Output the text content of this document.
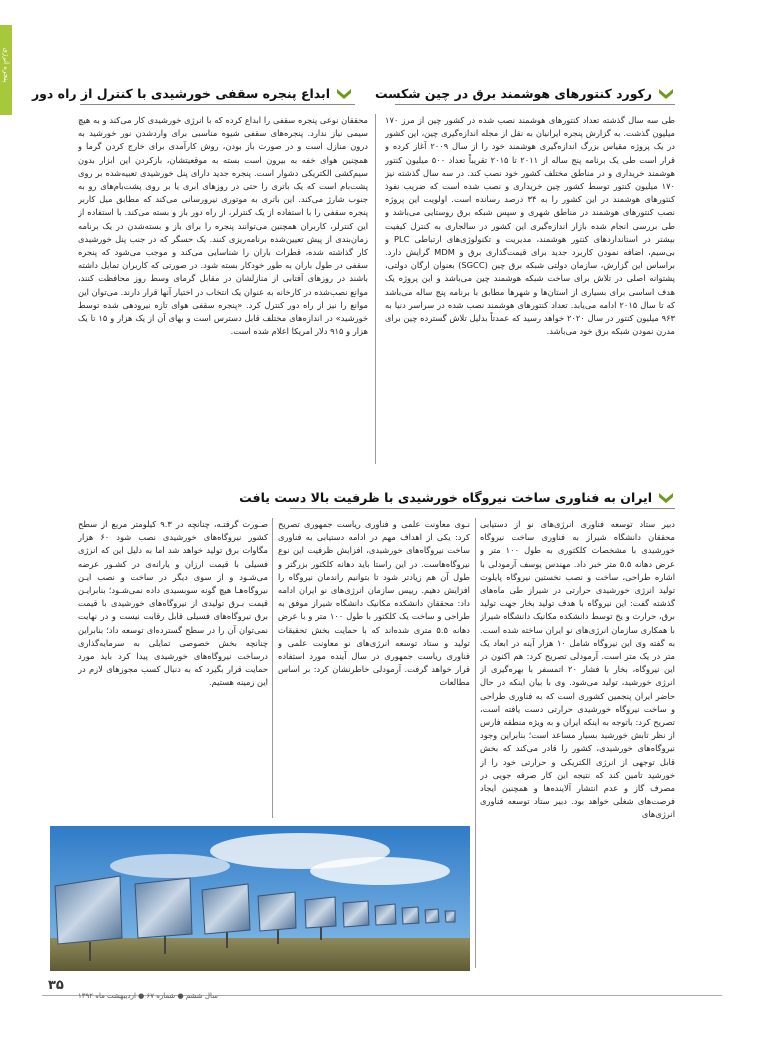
پنجره انرژی
رکورد کنتورهای هوشمند برق در چین شکست
ابداع پنجره سقفی خورشیدی با کنترل از راه دور

طی سه سال گذشته تعداد کنتورهای هوشمند نصب شده در کشور چین از مرز ۱۷۰ میلیون گذشت. به گزارش پنجره ایرانیان به نقل از مجله اندازه‌گیری چین، این کشور در یک پروژه مقیاس بزرگ اندازه‌گیری هوشمند خود را از سال ۲۰۰۹ آغاز کرده و قرار است طی یک برنامه پنج ساله از ۲۰۱۱ تا ۲۰۱۵ تقریباً تعداد ۵۰۰ میلیون کنتور هوشمند خریداری و در مناطق مختلف کشور خود نصب کند. در سه سال گذشته نیز ۱۷۰ میلیون کنتور توسط کشور چین خریداری و نصب شده است که ضریب نفوذ کنتورهای هوشمند در این کشور را به ۳۴ درصد رسانده است. اولویت این پروژه نصب کنتورهای هوشمند در مناطق شهری و سپس شبکه برق روستایی می‌باشد و طی بررسی انجام شده بازار اندازه‌گیری این کشور در سالجاری به کنترل کیفیت بیشتر در استانداردهای کنتور هوشمند، مدیریت و تکنولوژی‌های ارتباطی PLC و بی‌سیم، اضافه نمودن کاربرد جدید برای قیمت‌گذاری برق و MDM گرایش دارد. براساس این گزارش، سازمان دولتی شبکه برق چین (SGCC) بعنوان ارگان دولتی، پشتوانه اصلی در تلاش برای ساخت شبکه هوشمند چین می‌باشد و این پروژه یک هدف اساسی برای بسیاری از استان‌ها و شهرها مطابق با برنامه پنج ساله می‌باشد که تا سال ۲۰۱۵ ادامه می‌یابد. تعداد کنتورهای هوشمند نصب شده در سراسر دنیا به ۹۶۳ میلیون کنتور در سال ۲۰۲۰ خواهد رسید که عمدتاً بدلیل تلاش گسترده چین برای مدرن نمودن شبکه برق خود می‌باشد.

محققان نوعی پنجره سقفی را ابداع کرده که با انرژی خورشیدی کار می‌کند و به هیچ سیمی نیاز ندارد. پنجره‌های سقفی شیوه مناسبی برای واردشدن نور خورشید به درون منازل است و در صورت باز بودن، روش کارآمدی برای خارج کردن گرما و همچنین هوای خفه به بیرون است بسته به موقعیتشان، بازکردن این ابزار بدون سیم‌کشی الکتریکی دشوار است. پنجره جدید دارای پنل خورشیدی تعبیه‌شده بر روی پشت‌بام است که یک باتری را حتی در روزهای ابری یا بر روی پشت‌بام‌های رو به جنوب شارژ می‌کند. این باتری به موتوری نیرورسانی می‌کند که مطابق میل کاربر پنجره سقفی را با استفاده از یک کنترلر، از راه دور باز و بسته می‌کند. با استفاده از این کنترلر، کاربران همچنین می‌توانند پنجره را برای باز و بسته‌شدن در یک برنامه زمان‌بندی از پیش تعیین‌شده برنامه‌ریزی کنند. یک حسگر که در جنب پنل خورشیدی کار گذاشته شده، قطرات باران را شناسایی می‌کند و موجب می‌شود که پنجره سقفی در طول باران به طور خودکار بسته شود. در صورتی که کاربران تمایل داشته باشند در روزهای آفتابی از منازلشان در مقابل گرمای وسط روز محافظت کنند، موانع نصب‌شده در کارخانه به عنوان یک انتخاب در اختیار آنها قرار دارند. می‌توان این موانع را نیز از راه دور کنترل کرد. «پنجره سقفی هوای تازه نیرودهی شده توسط خورشید» در اندازه‌های مختلف قابل دسترس است و بهای آن از یک هزار و ۱۵ تا یک هزار و ۹۱۵ دلار امریکا اعلام شده است.

ایران به فناوری ساخت نیروگاه خورشیدی با ظرفیت بالا دست یافت

دبیر ستاد توسعه فناوری انرژی‌های نو از دستیابی محققان دانشگاه شیراز به فناوری ساخت نیروگاه خورشیدی با مشخصات کلکتوری به طول ۱۰۰ متر و عرض دهانه ۵.۵ متر خبر داد. مهندس یوسف آرمودلی با اشاره طراحی، ساخت و نصب نخستین نیروگاه پایلوت تولید انرژی خورشیدی حرارتی در شیراز طی ماه‌های گذشته گفت: این نیروگاه با هدف تولید بخار جهت تولید برق، حرارت و یخ توسط دانشکده مکانیک دانشگاه شیراز با همکاری سازمان انرژی‌های نو ایران ساخته شده است. به گفته وی این نیروگاه شامل ۱۰ هزار آینه در ابعاد یک متر در یک متر است. آرمودلی تصریح کرد: هم اکنون در این نیروگاه، بخار با فشار ۲۰ اتمسفر با بهره‌گیری از انرژی خورشید، تولید می‌شود. وی با بیان اینکه در حال حاضر ایران پنجمین کشوری است که به فناوری طراحی و ساخت نیروگاه خورشیدی حرارتی دست یافته است، تصریح کرد: باتوجه به اینکه ایران و به ویژه منطقه فارس از نظر تابش خورشید بسیار مساعد است؛ بنابراین وجود نیروگاه‌های خورشیدی، کشور را قادر می‌کند که بخش قابل توجهی از انرژی الکتریکی و حرارتی خود را از خورشید تامین کند که نتیجه این کار صرفه جویی در مصرف گاز و عدم انتشار آلاینده‌ها و همچنین ایجاد فرصت‌های شغلی خواهد بود. دبیر ستاد توسعه فناوری انرژی‌های

نـوی معاونت علمی و فناوری ریاست جمهوری تصریح کرد: یکی از اهداف مهم در ادامه دستیابی به فناوری ساخت نیروگاه‌های خورشیدی، افزایش ظرفیت این نوع نیروگاه‌هاست. در این راستا باید دهانه کلکتور بزرگتر و طول آن هم زیادتر شود تا بتوانیم راندمان نیروگاه را افزایش دهیم. رییس سازمان انرژی‌های نو ایران ادامه داد: محققان دانشکده مکانیک دانشگاه شیراز موفق به طراحی و ساخت یک کلکتور با طول ۱۰۰ متر و با عرض دهانه ۵.۵ متری شده‌اند که با حمایت بخش تحقیقات تولید و ستاد توسعه انرژی‌های نو معاونت علمی و فناوری ریاست جمهوری در سال آینده مورد استفاده قرار خواهد گرفت. آرمودلی خاطرنشان کرد: بر اساس مطالعات

صـورت گرفتـه، چنانچه در ۹.۳ کیلومتر مربع از سطح کشور نیروگاه‌های خورشیدی نصب شود ۶۰ هزار مگاوات برق تولید خواهد شد اما به دلیل این که انرژی فسیلی با قیمت ارزان و یارانه‌ی در کشـور عرضه می‌شـود و از سوی دیگر در ساخت و نصب ایـن نیروگاه‌هـا هیچ گونه سوبسیدی داده نمی‌شـود؛ بنابرایـن قیمت بـرق تولیدی از نیروگاه‌های خورشیدی با قیمت برق نیروگاه‌های فسیلی قابل رقابت نیست و در نهایت نمی‌توان آن را در سطح گسترده‌ای توسعه داد؛ بنابراین چنانچه بخش خصوصی تمایلی به سرمایه‌گذاری درساخت نیروگاه‌های خورشیدی پیدا کرد باید مورد حمایت قرار بگیرد که به دنبال کسب مجوزهای لازم در این زمینه هستیم.

۳۵
سال ششم ● شماره ۶۷ ● اردیبهشت ماه ۱۳۹۲
